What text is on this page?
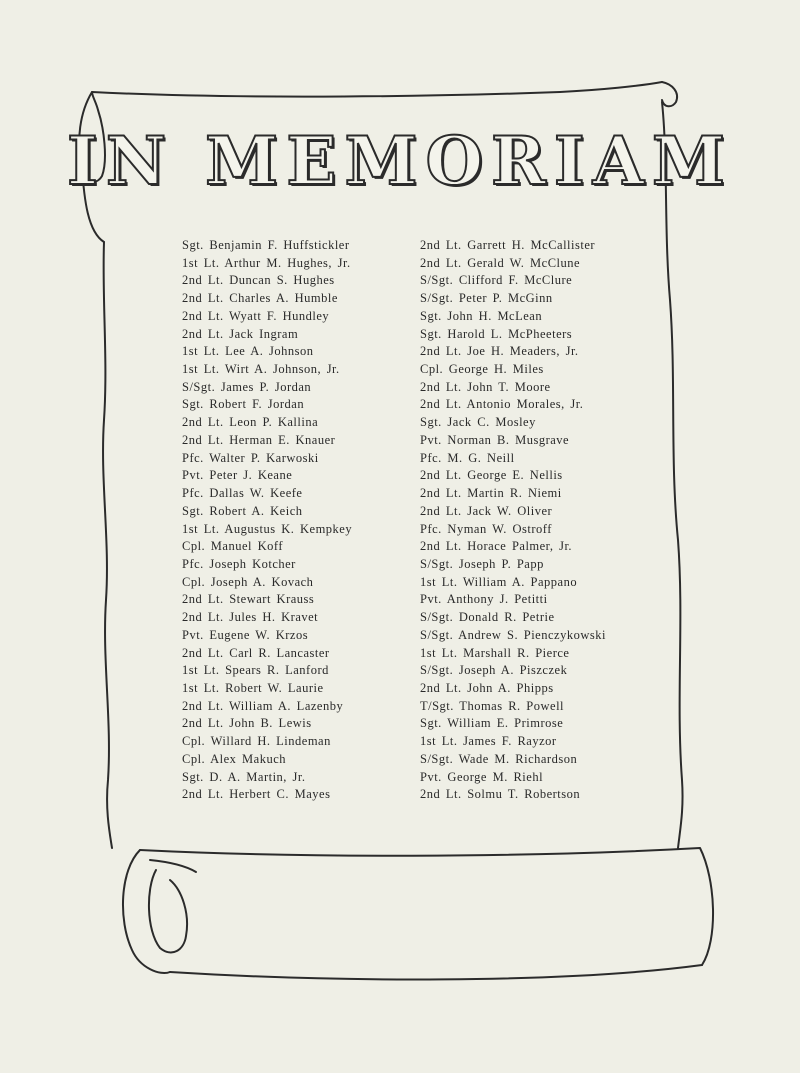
IN MEMORIAM
Sgt. Benjamin F. Huffstickler
1st Lt. Arthur M. Hughes, Jr.
2nd Lt. Duncan S. Hughes
2nd Lt. Charles A. Humble
2nd Lt. Wyatt F. Hundley
2nd Lt. Jack Ingram
1st Lt. Lee A. Johnson
1st Lt. Wirt A. Johnson, Jr.
S/Sgt. James P. Jordan
Sgt. Robert F. Jordan
2nd Lt. Leon P. Kallina
2nd Lt. Herman E. Knauer
Pfc. Walter P. Karwoski
Pvt. Peter J. Keane
Pfc. Dallas W. Keefe
Sgt. Robert A. Keich
1st Lt. Augustus K. Kempkey
Cpl. Manuel Koff
Pfc. Joseph Kotcher
Cpl. Joseph A. Kovach
2nd Lt. Stewart Krauss
2nd Lt. Jules H. Kravet
Pvt. Eugene W. Krzos
2nd Lt. Carl R. Lancaster
1st Lt. Spears R. Lanford
1st Lt. Robert W. Laurie
2nd Lt. William A. Lazenby
2nd Lt. John B. Lewis
Cpl. Willard H. Lindeman
Cpl. Alex Makuch
Sgt. D. A. Martin, Jr.
2nd Lt. Herbert C. Mayes
2nd Lt. Garrett H. McCallister
2nd Lt. Gerald W. McClune
S/Sgt. Clifford F. McClure
S/Sgt. Peter P. McGinn
Sgt. John H. McLean
Sgt. Harold L. McPheeters
2nd Lt. Joe H. Meaders, Jr.
Cpl. George H. Miles
2nd Lt. John T. Moore
2nd Lt. Antonio Morales, Jr.
Sgt. Jack C. Mosley
Pvt. Norman B. Musgrave
Pfc. M. G. Neill
2nd Lt. George E. Nellis
2nd Lt. Martin R. Niemi
2nd Lt. Jack W. Oliver
Pfc. Nyman W. Ostroff
2nd Lt. Horace Palmer, Jr.
S/Sgt. Joseph P. Papp
1st Lt. William A. Pappano
Pvt. Anthony J. Petitti
S/Sgt. Donald R. Petrie
S/Sgt. Andrew S. Pienczykowski
1st Lt. Marshall R. Pierce
S/Sgt. Joseph A. Piszczek
2nd Lt. John A. Phipps
T/Sgt. Thomas R. Powell
Sgt. William E. Primrose
1st Lt. James F. Rayzor
S/Sgt. Wade M. Richardson
Pvt. George M. Riehl
2nd Lt. Solmu T. Robertson
